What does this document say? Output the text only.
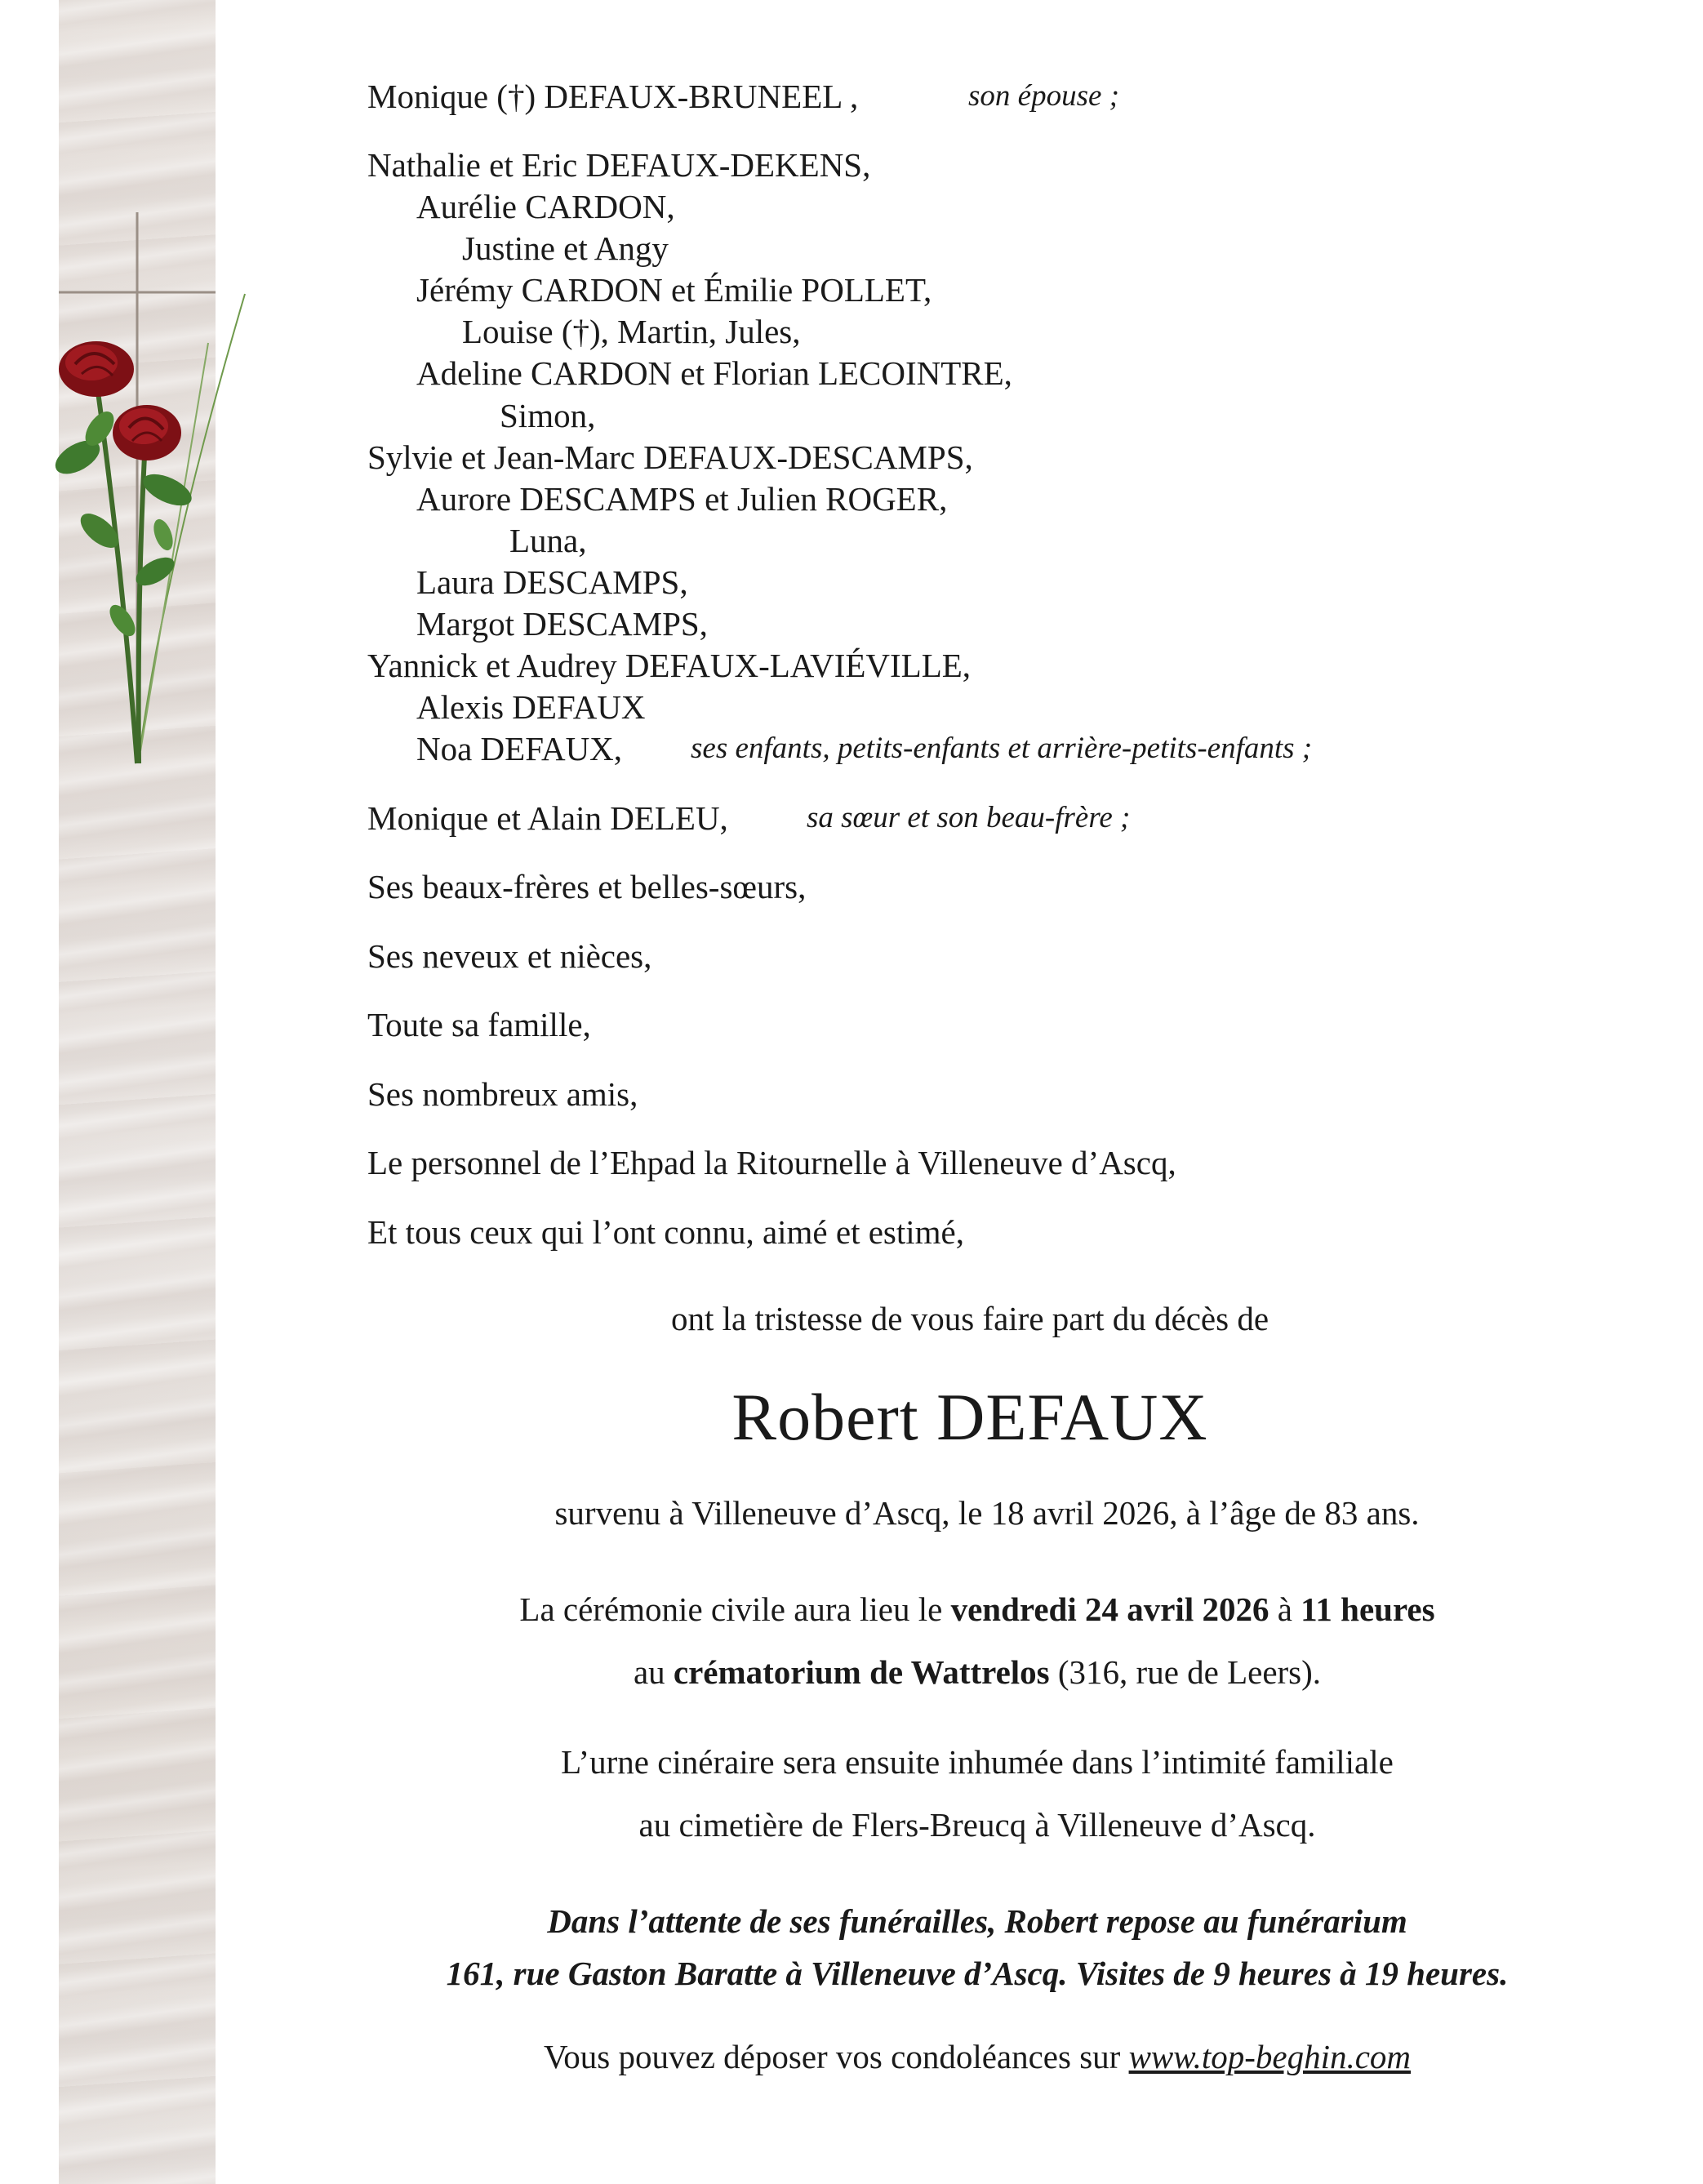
Monique (†) DEFAUX-BRUNEEL ,	son épouse ;
Nathalie et Eric DEFAUX-DEKENS,
Aurélie CARDON,
Justine et Angy
Jérémy CARDON et Émilie POLLET,
Louise (†), Martin, Jules,
Adeline CARDON et Florian LECOINTRE,
Simon,
Sylvie et Jean-Marc DEFAUX-DESCAMPS,
Aurore DESCAMPS et Julien ROGER,
Luna,
Laura DESCAMPS,
Margot DESCAMPS,
Yannick et Audrey DEFAUX-LAVIÉVILLE,
Alexis DEFAUX
Noa DEFAUX, ses enfants, petits-enfants et arrière-petits-enfants ;
Monique et Alain DELEU,	sa sœur et son beau-frère ;
Ses beaux-frères et belles-sœurs,
Ses neveux et nièces,
Toute sa famille,
Ses nombreux amis,
Le personnel de l’Ehpad la Ritournelle à Villeneuve d’Ascq,
Et tous ceux qui l’ont connu, aimé et estimé,
ont la tristesse de vous faire part du décès de
Robert DEFAUX
survenu à Villeneuve d’Ascq, le 18 avril 2026, à l’âge de 83 ans.
La cérémonie civile aura lieu le vendredi 24 avril 2026 à 11 heures
au crématorium de Wattrelos (316, rue de Leers).
L’urne cinéraire sera ensuite inhumée dans l’intimité familiale
au cimetière de Flers-Breucq à Villeneuve d’Ascq.
Dans l’attente de ses funérailles, Robert repose au funérarium
161, rue Gaston Baratte à Villeneuve d’Ascq. Visites de 9 heures à 19 heures.
Vous pouvez déposer vos condoléances sur www.top-beghin.com
